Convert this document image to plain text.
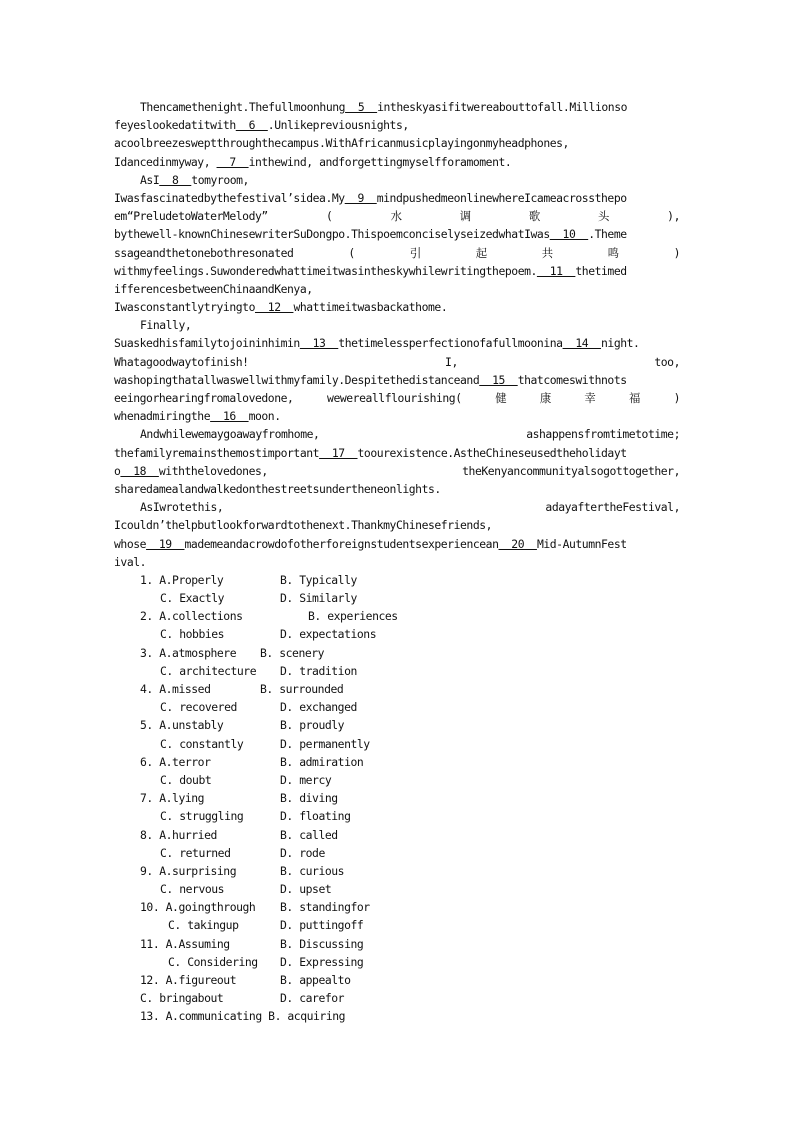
Thencamethenight.Thefullmoonhung  5  intheskyasifitwereabouttofall.Millionso
feyeslookedatitwith  6  .Unlikepreviousnights,
acoolbreezesweptthroughthecampus.WithAfricanmusicplayingonmyheadphones,
Idancedinmyway,   7  inthewind, andforgettingmyselfforamoment.
AsI  8  tomyroom,
Iwasfascinatedbythefestival’sidea.My  9  mindpushedmeonlinewhereIcameacrossthepo
em“PreludetoWaterMelody”	(	水	调	歌	头	),
bythewell-knownChinesewriterSuDongpo.ThispoemconciselyseizedwhatIwas  10  .Theme
ssageandthetonebothresonated	(	引	起	共	鸣	)
withmyfeelings.Suwonderedwhattimeitwasintheskywhilewritingthepoem.  11  thetimed
ifferencesbetweenChinaandKenya,
Iwasconstantlytryingto  12  whattimeitwasbackathome.
Finally,
Suaskedhisfamilytojoininhimin  13  thetimelessperfectionofafullmooninа  14  night.
Whatagoodwaytofinish!	I,	too,
washopingthatallwaswellwithmyfamily.Despitethedistanceand  15  thatcomeswithnots
eeingorhearingfromalovedone,	wewereallflourishing(	健	康	幸	福	)
whenadmiringthe  16  moon.
Andwhilewemaygoawayfromhome,	ashappensfromtimetotime;
thefamilyremainsthemostimportant  17  toourexistence.AstheChineseusedtheholidayt
o  18  withthelovedones,	theKenyancommunityalsogottogether,
sharedamealandwalkedonthestreetsundertheneonlights.
AsIwrotethis,	adayaftertheFestival,
Icouldn’thelpbutlookforwardtothenext.ThankmyChinesefriends,
whose  19  mademeandacrowdofotherforeignstudentsexperiencean  20  Mid-AutumnFest
ival.
1. A.Properly	B. Typically
C. Exactly	D. Similarly
2. A.collections	B. experiences
C. hobbies	D. expectations
3. A.atmosphere B. scenery
C. architecture D. tradition
4. A.missed	B. surrounded
C. recovered	D. exchanged
5. A.unstably	B. proudly
C. constantly	D. permanently
6. A.terror	B. admiration
C. doubt	D. mercy
7. A.lying	B. diving
C. struggling	D. floating
8. A.hurried	B. called
C. returned	D. rode
9. A.surprising	B. curious
C. nervous	D. upset
10. A.goingthrough B. standingfor
C. takingup	D. puttingoff
11. A.Assuming	B. Discussing
C. Considering D. Expressing
12. A.figureout	B. appealto
C. bringabout	D. carefor
13. A.communicating B. acquiring
